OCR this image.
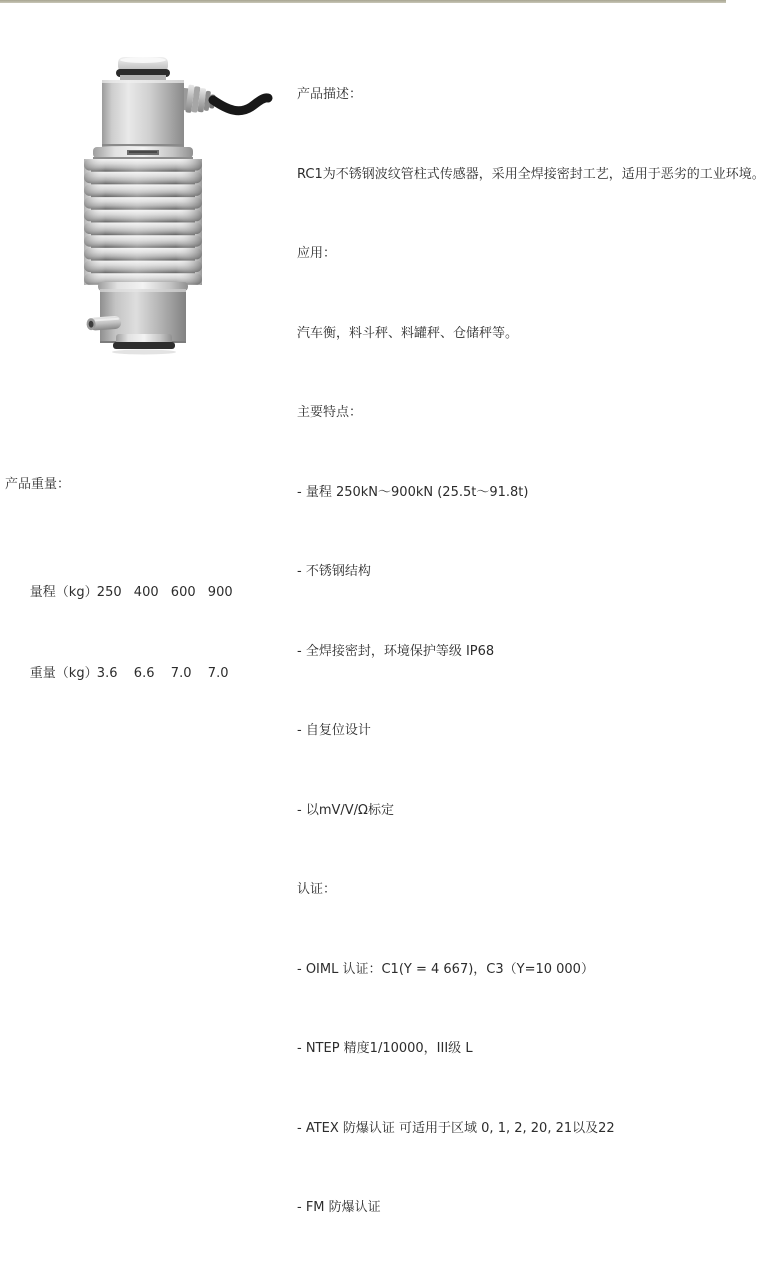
产品描述：

RC1为不锈钢波纹管柱式传感器，采用全焊接密封工艺，适用于恶劣的工业环境。

应用：

汽车衡，料斗秤、料罐秤、仓储秤等。

主要特点：

- 量程 250kN～900kN (25.5t～91.8t)

- 不锈钢结构

- 全焊接密封，环境保护等级 IP68

- 自复位设计

- 以mV/V/Ω标定

认证：

- OIML 认证：C1(Y = 4 667)，C3（Y=10 000）

- NTEP 精度1/10000，III级 L

- ATEX 防爆认证 可适用于区域 0, 1, 2, 20, 21以及22

- FM 防爆认证

产品重量：

量程（kg）250 400 600 900

重量（kg）3.6 6.6 7.0 7.0
